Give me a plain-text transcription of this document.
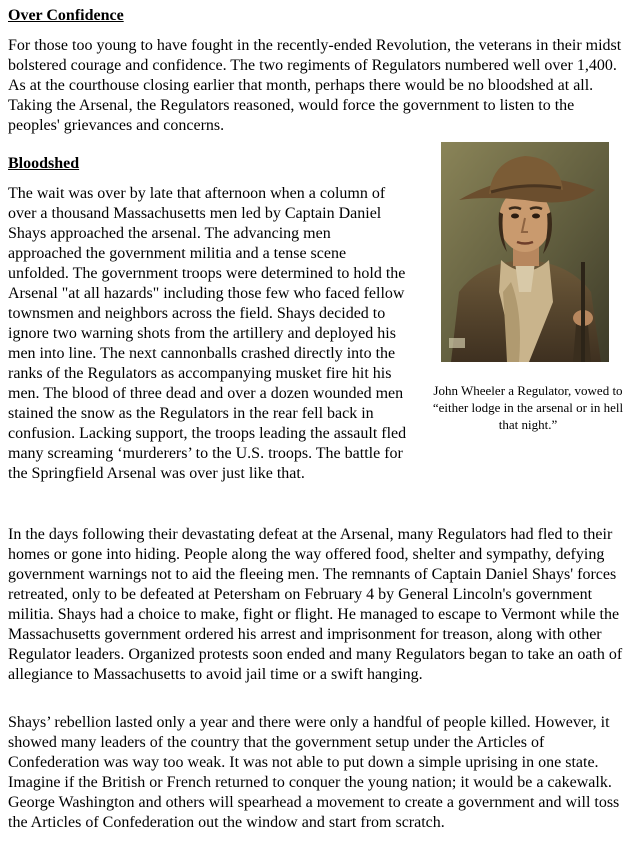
Over Confidence

For those too young to have fought in the recently-ended Revolution, the veterans in their midst bolstered courage and confidence. The two regiments of Regulators numbered well over 1,400. As at the courthouse closing earlier that month, perhaps there would be no bloodshed at all. Taking the Arsenal, the Regulators reasoned, would force the government to listen to the peoples' grievances and concerns.

Bloodshed

The wait was over by late that afternoon when a column of over a thousand Massachusetts men led by Captain Daniel Shays approached the arsenal. The advancing men approached the government militia and a tense scene unfolded. The government troops were determined to hold the Arsenal "at all hazards" including those few who faced fellow townsmen and neighbors across the field. Shays decided to ignore two warning shots from the artillery and deployed his men into line. The next cannonballs crashed directly into the ranks of the Regulators as accompanying musket fire hit his men. The blood of three dead and over a dozen wounded men stained the snow as the Regulators in the rear fell back in confusion. Lacking support, the troops leading the assault fled many screaming ‘murderers’ to the U.S. troops. The battle for the Springfield Arsenal was over just like that.

John Wheeler a Regulator, vowed to “either lodge in the arsenal or in hell that night.”

In the days following their devastating defeat at the Arsenal, many Regulators had fled to their homes or gone into hiding. People along the way offered food, shelter and sympathy, defying government warnings not to aid the fleeing men. The remnants of Captain Daniel Shays' forces retreated, only to be defeated at Petersham on February 4 by General Lincoln's government militia. Shays had a choice to make, fight or flight. He managed to escape to Vermont while the Massachusetts government ordered his arrest and imprisonment for treason, along with other Regulator leaders. Organized protests soon ended and many Regulators began to take an oath of allegiance to Massachusetts to avoid jail time or a swift hanging.

Shays’ rebellion lasted only a year and there were only a handful of people killed. However, it showed many leaders of the country that the government setup under the Articles of Confederation was way too weak. It was not able to put down a simple uprising in one state. Imagine if the British or French returned to conquer the young nation; it would be a cakewalk. George Washington and others will spearhead a movement to create a government and will toss the Articles of Confederation out the window and start from scratch.
